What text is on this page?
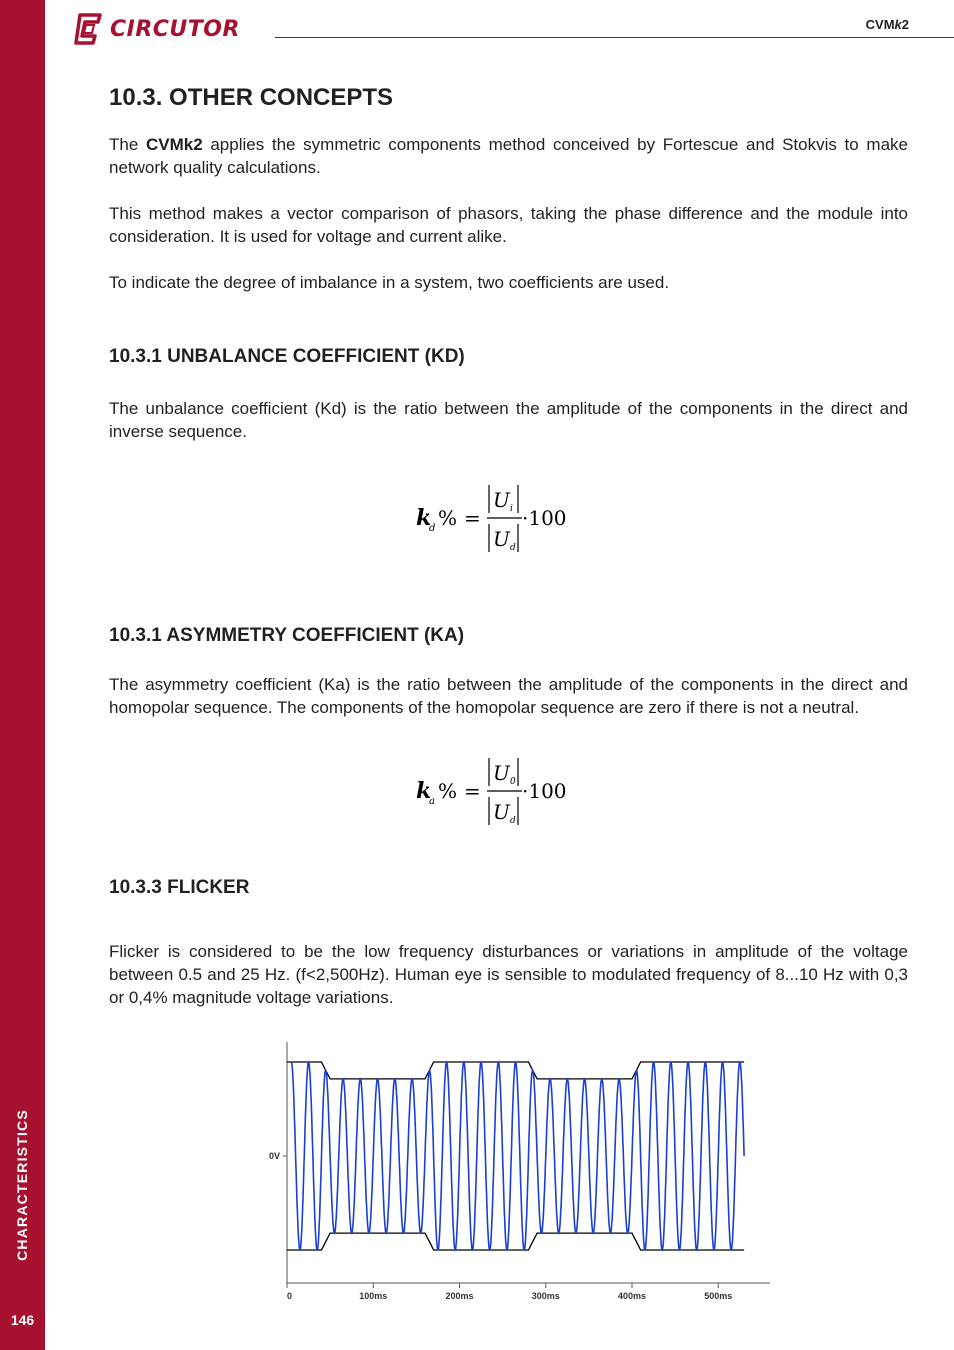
CHARACTERISTICS
146
CIRCUTOR	CVMk2
10.3. OTHER CONCEPTS

The CVMk2 applies the symmetric components method conceived by Fortescue and Stokvis to make network quality calculations.

This method makes a vector comparison of phasors, taking the phase difference and the module into consideration. It is used for voltage and current alike.

To indicate the degree of imbalance in a system, two coefficients are used.

10.3.1 UNBALANCE COEFFICIENT (KD)

The unbalance coefficient (Kd) is the ratio between the amplitude of the components in the direct and inverse sequence.

k
d % =
U i
U d
·100
10.3.1 ASYMMETRY COEFFICIENT (KA)

The asymmetry coefficient (Ka) is the ratio between the amplitude of the components in the direct and homopolar sequence. The components of the homopolar sequence are zero if there is not a neutral.

k
a % =
U 0
U d
·100
10.3.3 FLICKER

Flicker is considered to be the low frequency disturbances or variations in amplitude of the voltage between 0.5 and 25 Hz. (f<2,500Hz). Human eye is sensible to modulated frequency of 8...10 Hz with 0,3 or 0,4% magnitude voltage variations.

0	100ms	200ms	300ms	400ms	500ms
0V
